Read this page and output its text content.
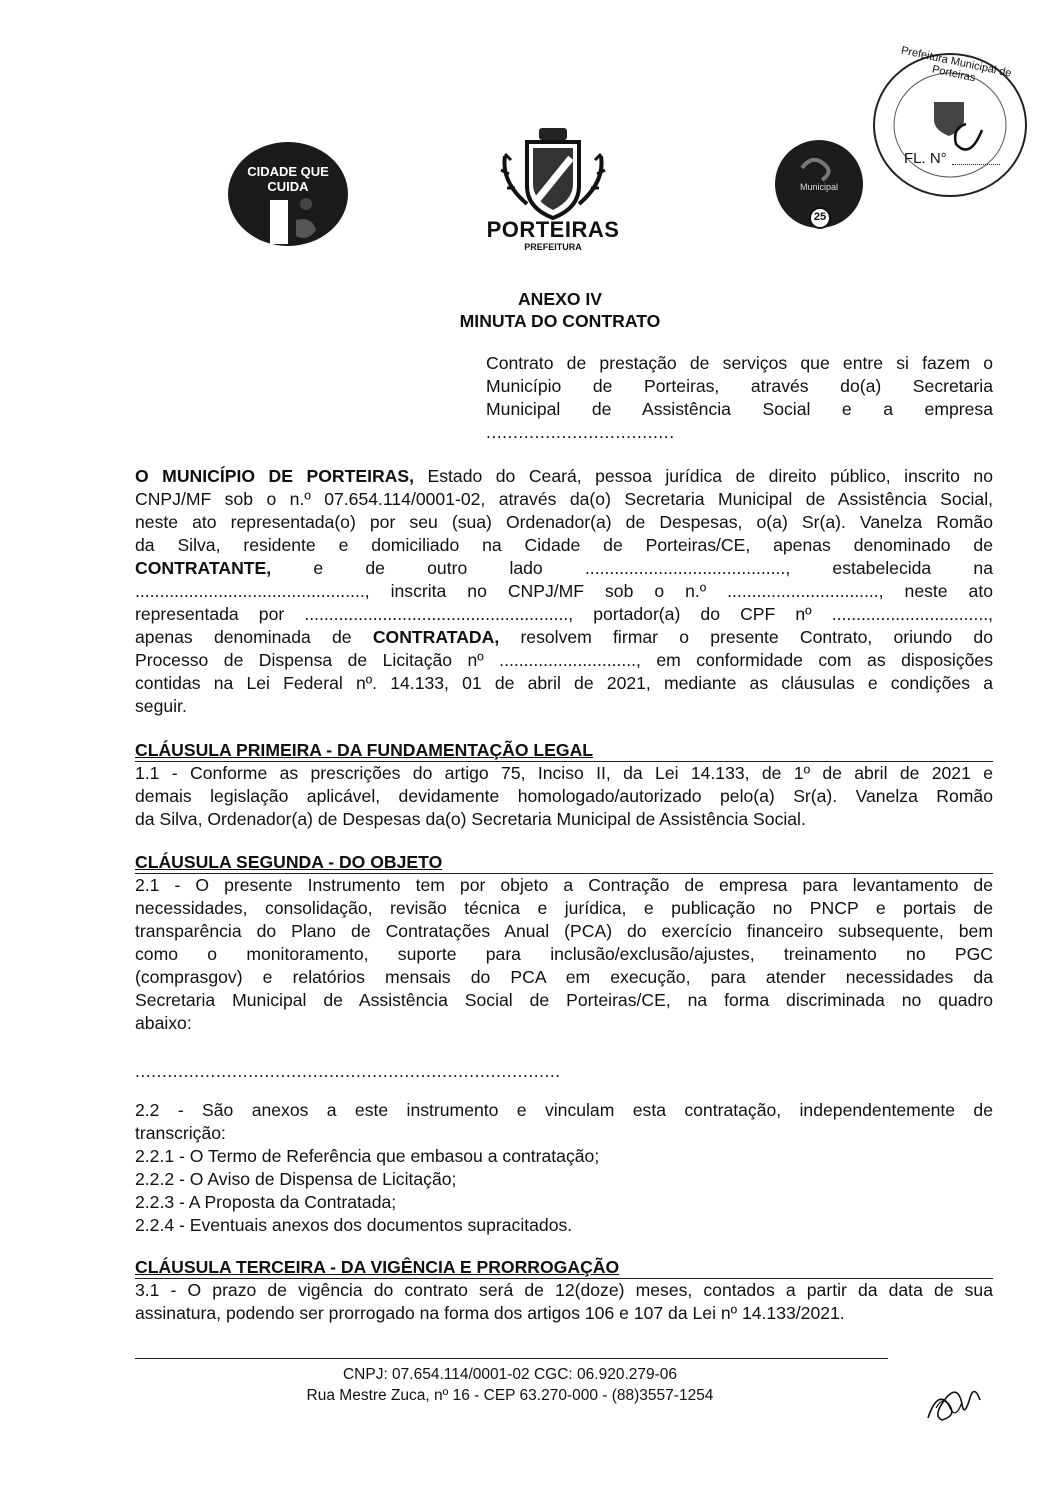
CIDADE QUE CUIDA
PORTEIRAS
PREFEITURA
Municipal
25
Prefeitura Municipal de Porteiras
FL. N°
ANEXO IV
MINUTA DO CONTRATO
Contrato de prestação de serviços que entre si fazem o
Município de Porteiras, através do(a) Secretaria
Municipal de Assistência Social e a empresa
...................................
O MUNICÍPIO DE PORTEIRAS, Estado do Ceará, pessoa jurídica de direito público, inscrito no
CNPJ/MF sob o n.º 07.654.114/0001-02, através da(o) Secretaria Municipal de Assistência Social,
neste ato representada(o) por seu (sua) Ordenador(a) de Despesas, o(a) Sr(a). Vanelza Romão
da Silva, residente e domiciliado na Cidade de Porteiras/CE, apenas denominado de
CONTRATANTE, e de outro lado ........................................., estabelecida na
..............................................., inscrita no CNPJ/MF sob o n.º ..............................., neste ato
representada por ......................................................, portador(a) do CPF nº ................................,
apenas denominada de CONTRATADA, resolvem firmar o presente Contrato, oriundo do
Processo de Dispensa de Licitação nº ............................, em conformidade com as disposições
contidas na Lei Federal nº. 14.133, 01 de abril de 2021, mediante as cláusulas e condições a
seguir.
CLÁUSULA PRIMEIRA - DA FUNDAMENTAÇÃO LEGAL
1.1 - Conforme as prescrições do artigo 75, Inciso II, da Lei 14.133, de 1º de abril de 2021 e
demais legislação aplicável, devidamente homologado/autorizado pelo(a) Sr(a). Vanelza Romão
da Silva, Ordenador(a) de Despesas da(o) Secretaria Municipal de Assistência Social.
CLÁUSULA SEGUNDA - DO OBJETO
2.1 - O presente Instrumento tem por objeto a Contração de empresa para levantamento de
necessidades, consolidação, revisão técnica e jurídica, e publicação no PNCP e portais de
transparência do Plano de Contratações Anual (PCA) do exercício financeiro subsequente, bem
como o monitoramento, suporte para inclusão/exclusão/ajustes, treinamento no PGC
(comprasgov) e relatórios mensais do PCA em execução, para atender necessidades da
Secretaria Municipal de Assistência Social de Porteiras/CE, na forma discriminada no quadro
abaixo:
...............................................................................
2.2 - São anexos a este instrumento e vinculam esta contratação, independentemente de
transcrição:
2.2.1 - O Termo de Referência que embasou a contratação;
2.2.2 - O Aviso de Dispensa de Licitação;
2.2.3 - A Proposta da Contratada;
2.2.4 - Eventuais anexos dos documentos supracitados.
CLÁUSULA TERCEIRA - DA VIGÊNCIA E PRORROGAÇÃO
3.1 - O prazo de vigência do contrato será de 12(doze) meses, contados a partir da data de sua
assinatura, podendo ser prorrogado na forma dos artigos 106 e 107 da Lei nº 14.133/2021.
CNPJ: 07.654.114/0001-02 CGC: 06.920.279-06
Rua Mestre Zuca, nº 16 - CEP 63.270-000 - (88)3557-1254
